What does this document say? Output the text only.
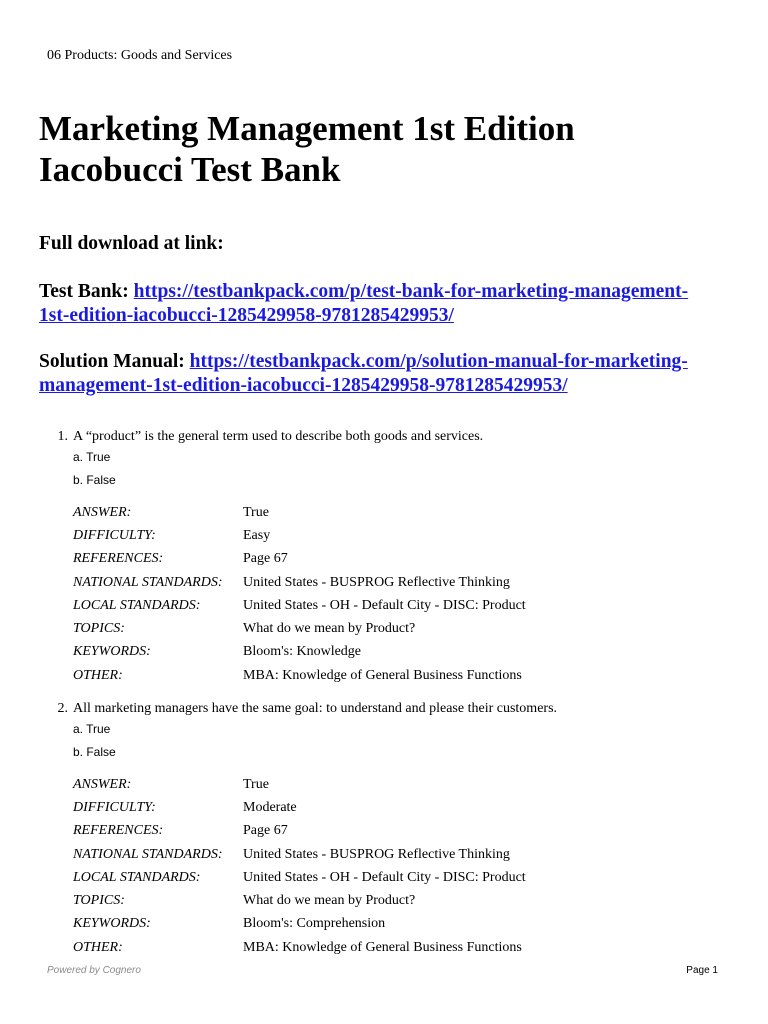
06 Products: Goods and Services
Marketing Management 1st Edition
Iacobucci Test Bank
Full download at link:
Test Bank: https://testbankpack.com/p/test-bank-for-marketing-management-
1st-edition-iacobucci-1285429958-9781285429953/
Solution Manual: https://testbankpack.com/p/solution-manual-for-marketing-
management-1st-edition-iacobucci-1285429958-9781285429953/
1. A “product” is the general term used to describe both goods and services.
a. True
b. False
ANSWER:	True
DIFFICULTY:	Easy
REFERENCES:	Page 67
NATIONAL STANDARDS:	United States - BUSPROG Reflective Thinking
LOCAL STANDARDS:	United States - OH - Default City - DISC: Product
TOPICS:	What do we mean by Product?
KEYWORDS:	Bloom's: Knowledge
OTHER:	MBA: Knowledge of General Business Functions
2. All marketing managers have the same goal: to understand and please their customers.
a. True
b. False
ANSWER:	True
DIFFICULTY:	Moderate
REFERENCES:	Page 67
NATIONAL STANDARDS:	United States - BUSPROG Reflective Thinking
LOCAL STANDARDS:	United States - OH - Default City - DISC: Product
TOPICS:	What do we mean by Product?
KEYWORDS:	Bloom's: Comprehension
OTHER:	MBA: Knowledge of General Business Functions
Powered by Cognero	Page 1
